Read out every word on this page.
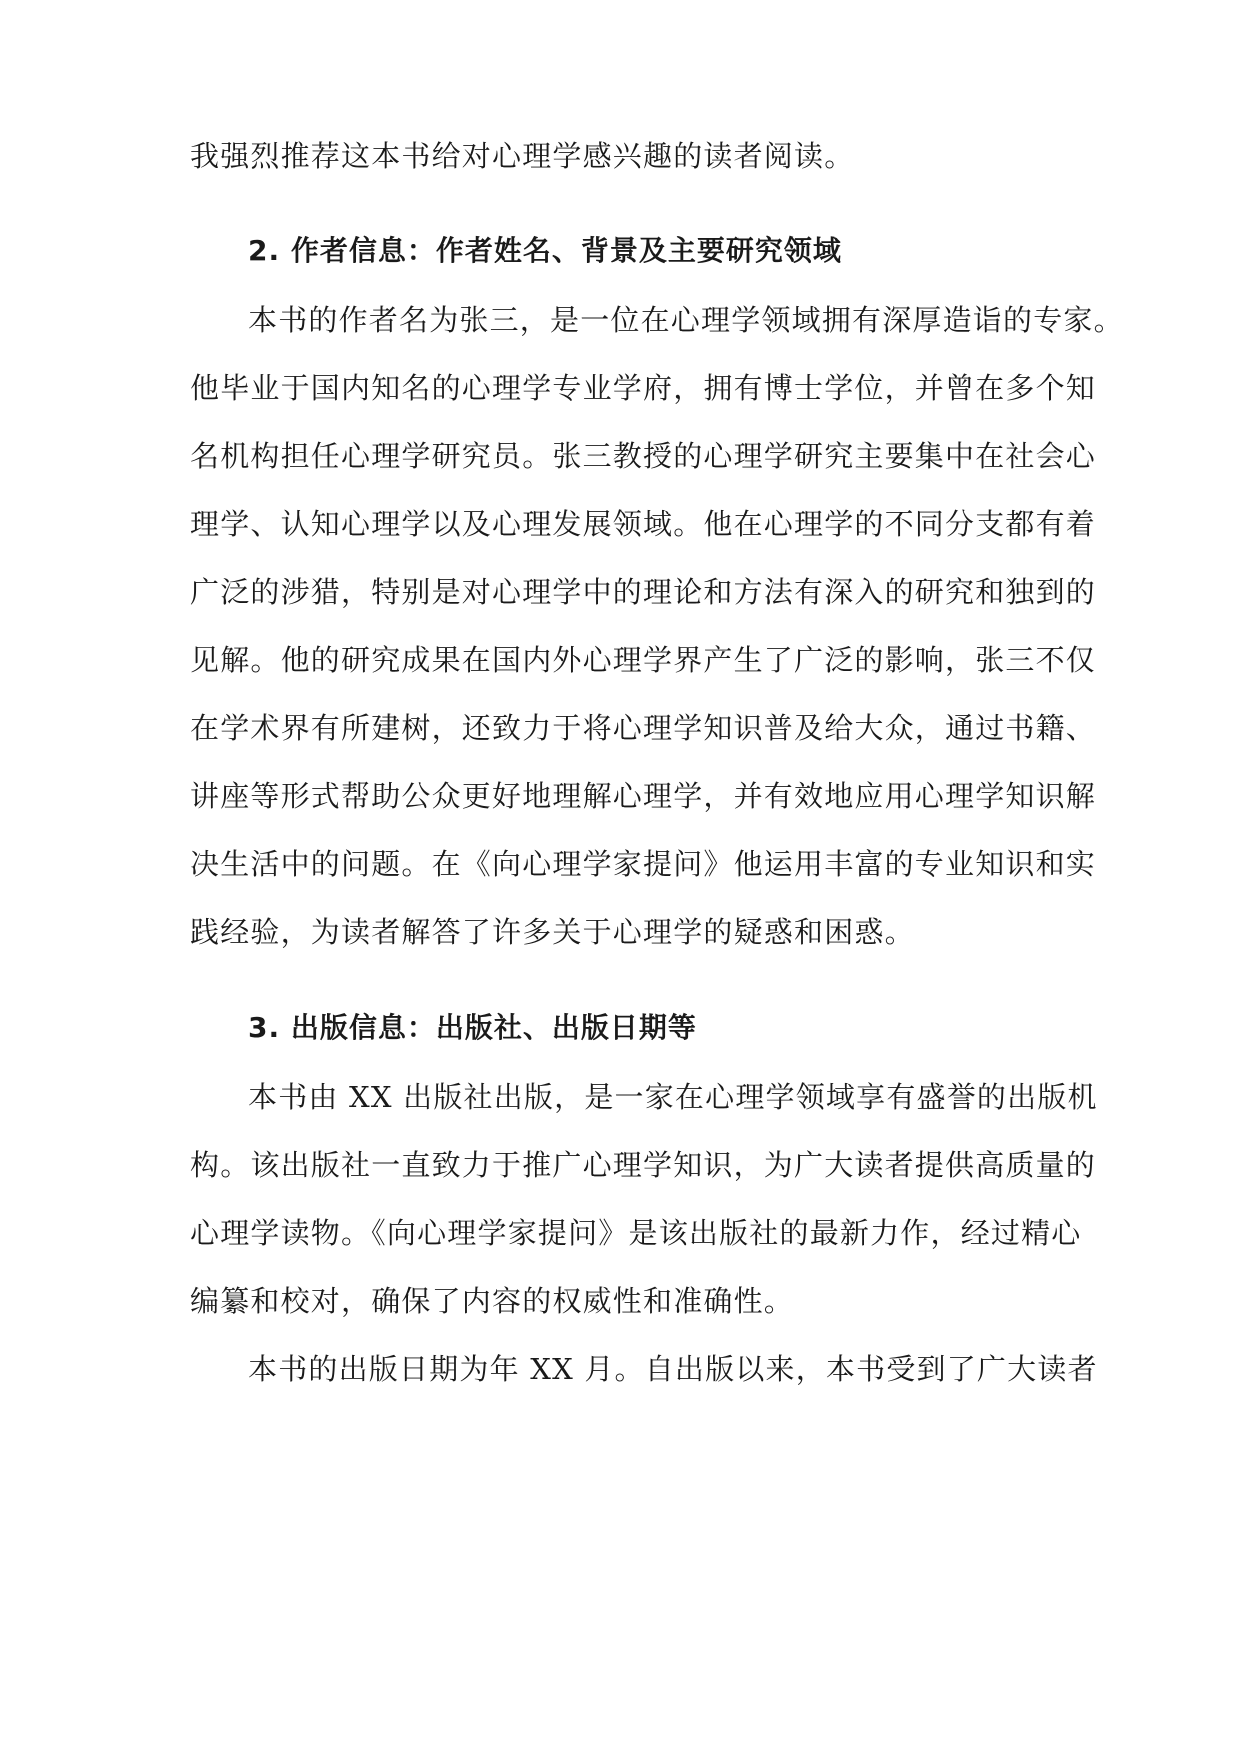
我强烈推荐这本书给对心理学感兴趣的读者阅读。
2. 作者信息：作者姓名、背景及主要研究领域
本书的作者名为张三，是一位在心理学领域拥有深厚造诣的专家。
他毕业于国内知名的心理学专业学府，拥有博士学位，并曾在多个知
名机构担任心理学研究员。张三教授的心理学研究主要集中在社会心
理学、认知心理学以及心理发展领域。他在心理学的不同分支都有着
广泛的涉猎，特别是对心理学中的理论和方法有深入的研究和独到的
见解。他的研究成果在国内外心理学界产生了广泛的影响，张三不仅
在学术界有所建树，还致力于将心理学知识普及给大众，通过书籍、
讲座等形式帮助公众更好地理解心理学，并有效地应用心理学知识解
决生活中的问题。在《向心理学家提问》他运用丰富的专业知识和实
践经验，为读者解答了许多关于心理学的疑惑和困惑。
3. 出版信息：出版社、出版日期等
本书由 XX 出版社出版，是一家在心理学领域享有盛誉的出版机
构。该出版社一直致力于推广心理学知识，为广大读者提供高质量的
心理学读物。《向心理学家提问》是该出版社的最新力作，经过精心
编纂和校对，确保了内容的权威性和准确性。
本书的出版日期为年 XX 月。自出版以来，本书受到了广大读者
